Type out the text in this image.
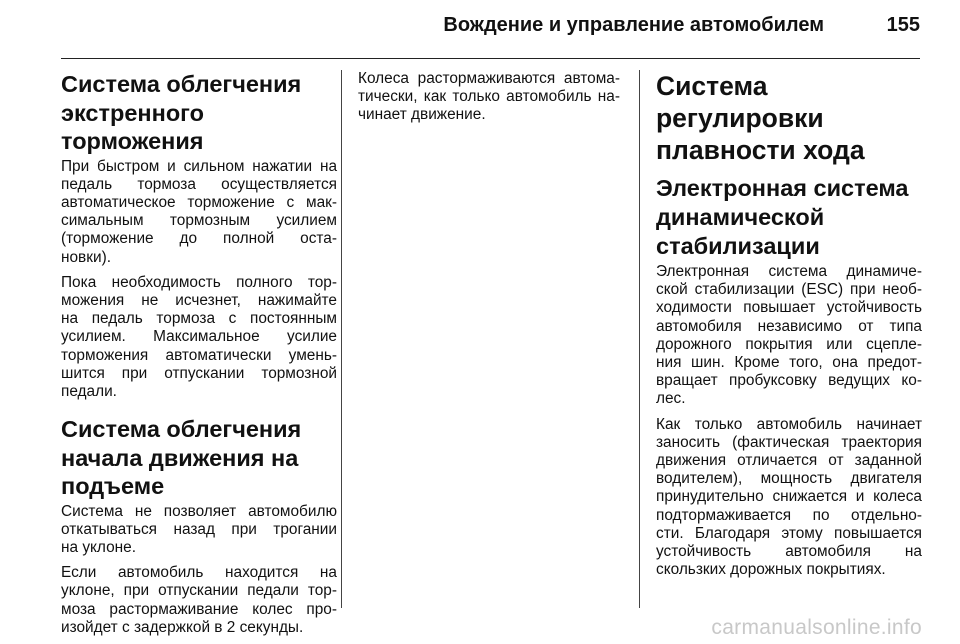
Вождение и управление автомобилем	155
Система облегчения
экстренного торможения

При быстром и сильном нажатии на
педаль тормоза осуществляется
автоматическое торможение с мак-
симальным тормозным усилием
(торможение до полной оста-
новки).

Пока необходимость полного тор-
можения не исчезнет, нажимайте
на педаль тормоза с постоянным
усилием. Максимальное усилие
торможения автоматически умень-
шится при отпускании тормозной
педали.

Система облегчения
начала движения на
подъеме

Система не позволяет автомобилю
откатываться назад при трогании
на уклоне.

Если автомобиль находится на
уклоне, при отпускании педали тор-
моза растормаживание колес про-
изойдет с задержкой в 2 секунды.

Колеса растормаживаются автома-
тически, как только автомобиль на-
чинает движение.

Система регулировки
плавности хода
Электронная система
динамической
стабилизации

Электронная система динамиче-
ской стабилизации (ESC) при необ-
ходимости повышает устойчивость
автомобиля независимо от типа
дорожного покрытия или сцепле-
ния шин. Кроме того, она предот-
вращает пробуксовку ведущих ко-
лес.

Как только автомобиль начинает
заносить (фактическая траектория
движения отличается от заданной
водителем), мощность двигателя
принудительно снижается и колеса
подтормаживается по отдельно-
сти. Благодаря этому повышается
устойчивость автомобиля на
скользких дорожных покрытиях.

carmanualsonline.info
